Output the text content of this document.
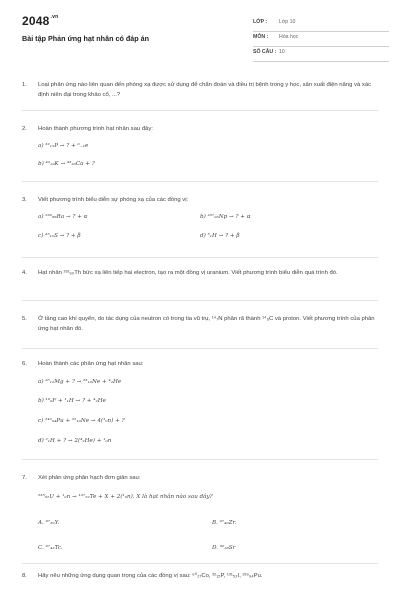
$2048^{.vn}$
Bài tập Phản ứng hạt nhân có đáp án
LỚP : Lớp 10
MÔN : Hóa học
SỐ CÂU : 10
1. Loại phản ứng nào liên quan đến phóng xạ được sử dụng để chẩn đoán và điều trị bệnh trong y học, sản xuất điện năng và xác định niên đại trong khảo cổ, ...?
2. Hoàn thành phương trình hạt nhân sau đây:
a) ³²₁₅P → ? + ⁰₋₁e
b) ⁴³₁₉K → ⁴³₂₀Ca + ?
3. Viết phương trình biểu diễn sự phóng xạ của các đồng vị:
a) ²³⁰₈₈Ra → ? + α	b) ²³⁷₉₃Np → ? + α
c) ³⁵₁₆S → ? + β	d) ³₁H → ? + β
4. Hạt nhân ²³²₉₀Th bức xạ liên tiếp hai electron, tạo ra một đồng vị uranium. Viết phương trình biểu diễn quá trình đó.
5. Ở tầng cao khí quyển, do tác dụng của neutron có trong tia vũ trụ, ¹⁴₇N phân rã thành ¹⁴₆C và proton. Viết phương trình của phản ứng hạt nhân đó.
6. Hoàn thành các phản ứng hạt nhân sau:
a) ²⁶₁₂Mg + ? → ²³₁₀Ne + ⁴₂He
b) ¹⁹₉F + ¹₁H → ? + ⁴₂He
c) ²⁴²₉₄Pu + ²²₁₀Ne → 4(¹₀n) + ?
d) ²₁H + ? → 2(⁴₂He) + ¹₀n
7. Xét phản ứng phân hạch đơn giản sau:
²³⁵₉₂U + ¹₀n → ¹³⁷₅₂Te + X + 2(¹₀n). X là hạt nhân nào sau đây?
A. ⁹⁷₃₉Y.	B. ⁹⁷₄₀Zr.
C. ⁹⁷₄₃Tc.	D. ⁹⁶₃₈Sr
8. Hãy nêu những ứng dụng quan trọng của các đồng vị sau: ⁶⁰₂₇Co, ³²₁₅P, ¹³¹₅₃I, ²³⁹₉₄Pu.
